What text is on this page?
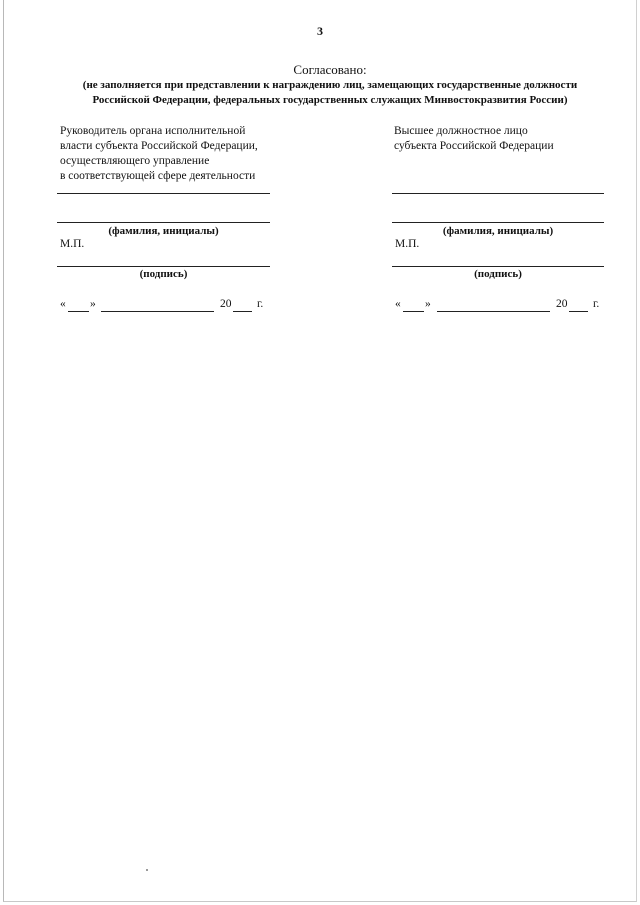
3
Согласовано:
(не заполняется при представлении к награждению лиц, замещающих государственные должности
Российской Федерации, федеральных государственных служащих Минвостокразвития России)
Руководитель органа исполнительной
власти субъекта Российской Федерации,
осуществляющего управление
в соответствующей сфере деятельности
(фамилия, инициалы)
М.П.
(подпись)
« »	20 г.
Высшее должностное лицо
субъекта Российской Федерации
(фамилия, инициалы)
М.П.
(подпись)
« »	20 г.
